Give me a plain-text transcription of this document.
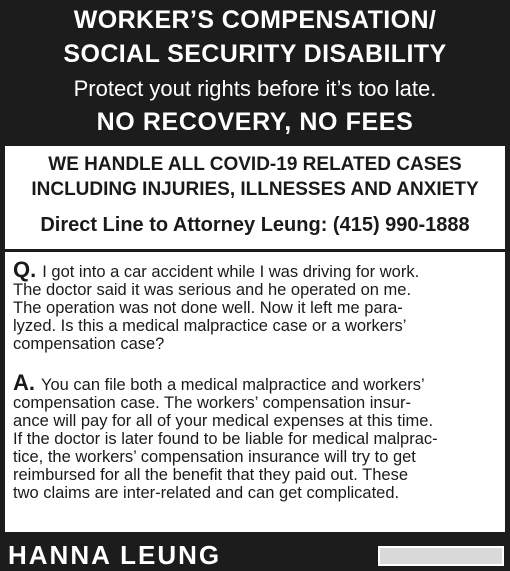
WORKER’S COMPENSATION/
SOCIAL SECURITY DISABILITY
Protect yout rights before it’s too late.
NO RECOVERY, NO FEES
WE HANDLE ALL COVID-19 RELATED CASES
INCLUDING INJURIES, ILLNESSES AND ANXIETY
Direct Line to Attorney Leung: (415) 990-1888
Q. I got into a car accident while I was driving for work.
The doctor said it was serious and he operated on me.
The operation was not done well. Now it left me para-
lyzed. Is this a medical malpractice case or a workers’
compensation case?
A. You can file both a medical malpractice and workers’
compensation case. The workers’ compensation insur-
ance will pay for all of your medical expenses at this time.
If the doctor is later found to be liable for medical malprac-
tice, the workers’ compensation insurance will try to get
reimbursed for all the benefit that they paid out. These
two claims are inter-related and can get complicated.
HANNA LEUNG
